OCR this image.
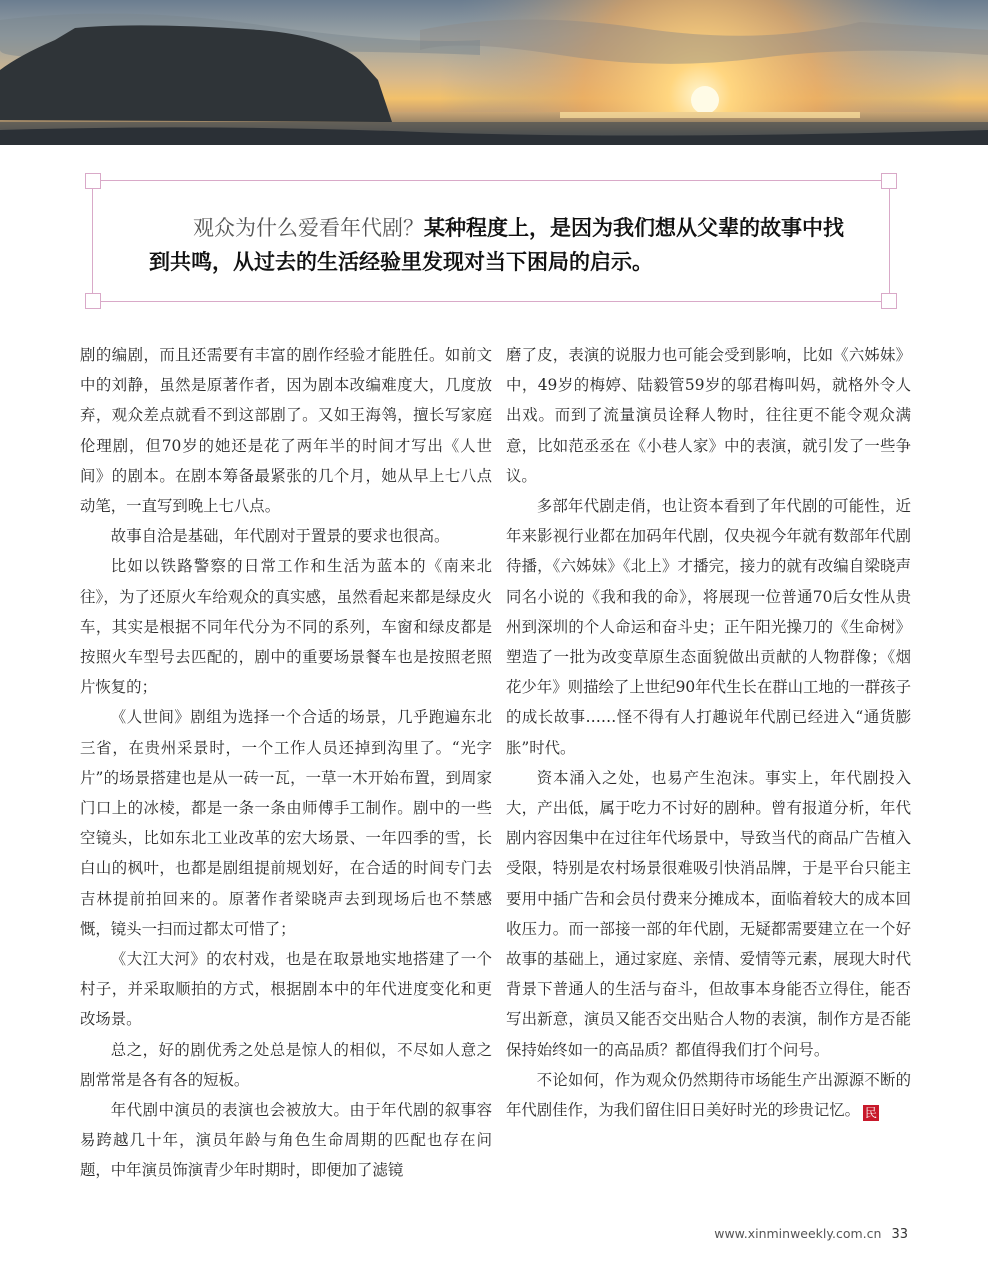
观众为什么爱看年代剧？某种程度上，是因为我们想从父辈的故事中找到共鸣，从过去的生活经验里发现对当下困局的启示。

剧的编剧，而且还需要有丰富的剧作经验才能胜任。如前文中的刘静，虽然是原著作者，因为剧本改编难度大，几度放弃，观众差点就看不到这部剧了。又如王海鸰，擅长写家庭伦理剧，但70岁的她还是花了两年半的时间才写出《人世间》的剧本。在剧本筹备最紧张的几个月，她从早上七八点动笔，一直写到晚上七八点。

故事自洽是基础，年代剧对于置景的要求也很高。

比如以铁路警察的日常工作和生活为蓝本的《南来北往》，为了还原火车给观众的真实感，虽然看起来都是绿皮火车，其实是根据不同年代分为不同的系列，车窗和绿皮都是按照火车型号去匹配的，剧中的重要场景餐车也是按照老照片恢复的；

《人世间》剧组为选择一个合适的场景，几乎跑遍东北三省，在贵州采景时，一个工作人员还掉到沟里了。“光字片”的场景搭建也是从一砖一瓦，一草一木开始布置，到周家门口上的冰棱，都是一条一条由师傅手工制作。剧中的一些空镜头，比如东北工业改革的宏大场景、一年四季的雪，长白山的枫叶，也都是剧组提前规划好，在合适的时间专门去吉林提前拍回来的。原著作者梁晓声去到现场后也不禁感慨，镜头一扫而过都太可惜了；

《大江大河》的农村戏，也是在取景地实地搭建了一个村子，并采取顺拍的方式，根据剧本中的年代进度变化和更改场景。

总之，好的剧优秀之处总是惊人的相似，不尽如人意之剧常常是各有各的短板。

年代剧中演员的表演也会被放大。由于年代剧的叙事容易跨越几十年，演员年龄与角色生命周期的匹配也存在问题，中年演员饰演青少年时期时，即便加了滤镜

磨了皮，表演的说服力也可能会受到影响，比如《六姊妹》中，49岁的梅婷、陆毅管59岁的邬君梅叫妈，就格外令人出戏。而到了流量演员诠释人物时，往往更不能令观众满意，比如范丞丞在《小巷人家》中的表演，就引发了一些争议。

多部年代剧走俏，也让资本看到了年代剧的可能性，近年来影视行业都在加码年代剧，仅央视今年就有数部年代剧待播，《六姊妹》《北上》才播完，接力的就有改编自梁晓声同名小说的《我和我的命》，将展现一位普通70后女性从贵州到深圳的个人命运和奋斗史；正午阳光操刀的《生命树》塑造了一批为改变草原生态面貌做出贡献的人物群像；《烟花少年》则描绘了上世纪90年代生长在群山工地的一群孩子的成长故事……怪不得有人打趣说年代剧已经进入“通货膨胀”时代。

资本涌入之处，也易产生泡沫。事实上，年代剧投入大，产出低，属于吃力不讨好的剧种。曾有报道分析，年代剧内容因集中在过往年代场景中，导致当代的商品广告植入受限，特别是农村场景很难吸引快消品牌，于是平台只能主要用中插广告和会员付费来分摊成本，面临着较大的成本回收压力。而一部接一部的年代剧，无疑都需要建立在一个好故事的基础上，通过家庭、亲情、爱情等元素，展现大时代背景下普通人的生活与奋斗，但故事本身能否立得住，能否写出新意，演员又能否交出贴合人物的表演，制作方是否能保持始终如一的高品质？都值得我们打个问号。

不论如何，作为观众仍然期待市场能生产出源源不断的年代剧佳作，为我们留住旧日美好时光的珍贵记忆。 民

www.xinminweekly.com.cn 33
